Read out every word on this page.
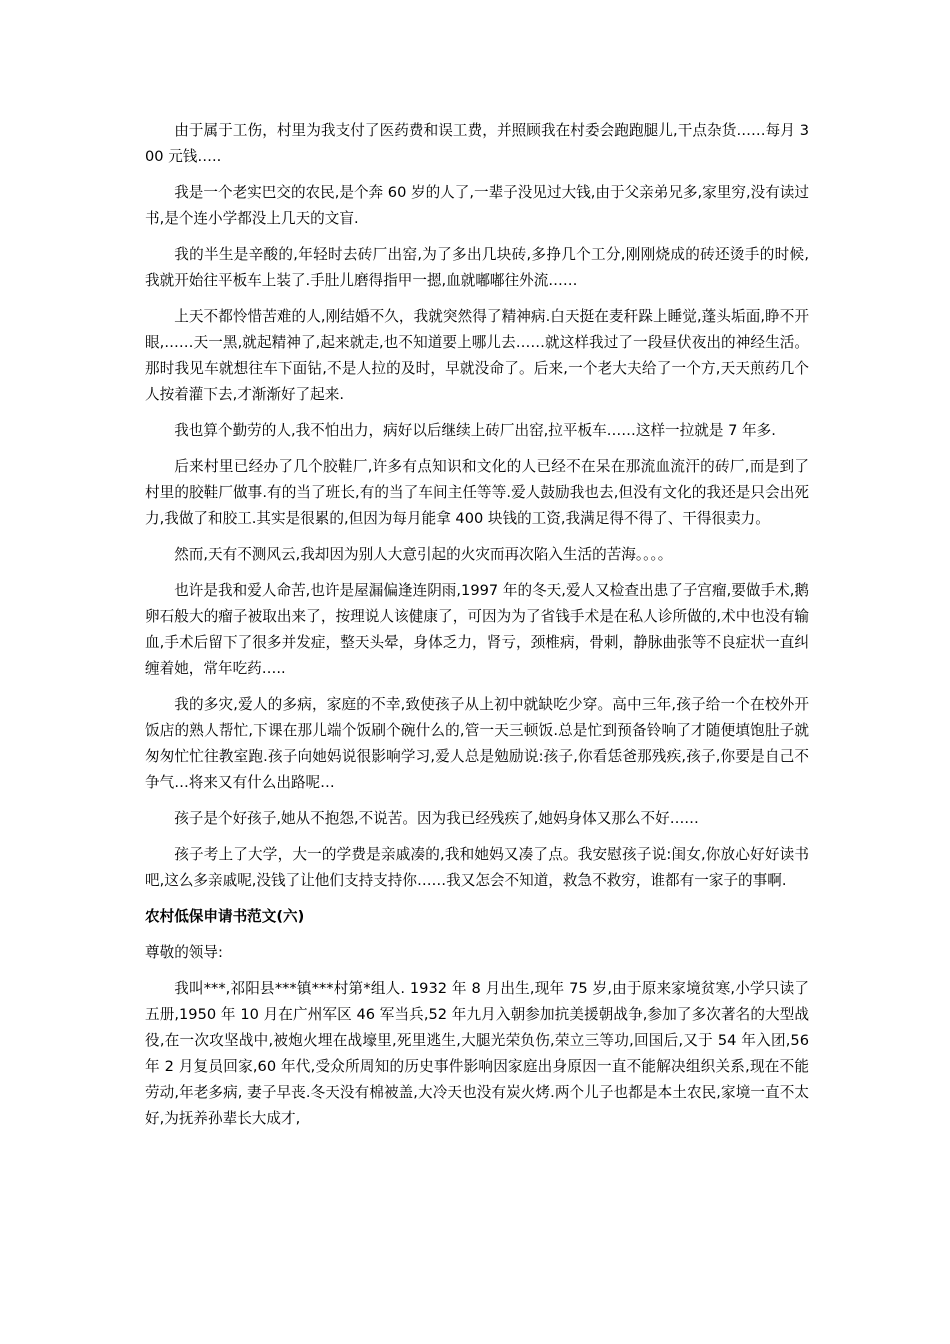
由于属于工伤，村里为我支付了医药费和误工费，并照顾我在村委会跑跑腿儿,干点杂货……每月 300 元钱…..

我是一个老实巴交的农民,是个奔 60 岁的人了,一辈子没见过大钱,由于父亲弟兄多,家里穷,没有读过书,是个连小学都没上几天的文盲.

我的半生是辛酸的,年轻时去砖厂出窑,为了多出几块砖,多挣几个工分,刚刚烧成的砖还烫手的时候,我就开始往平板车上装了.手肚儿磨得指甲一摁,血就嘟嘟往外流……

上天不都怜惜苦难的人,刚结婚不久，我就突然得了精神病.白天挺在麦秆跺上睡觉,蓬头垢面,睁不开眼,……天一黑,就起精神了,起来就走,也不知道要上哪儿去……就这样我过了一段昼伏夜出的神经生活。那时我见车就想往车下面钻,不是人拉的及时，早就没命了。后来,一个老大夫给了一个方,天天煎药几个人按着灌下去,才渐渐好了起来.

我也算个勤劳的人,我不怕出力，病好以后继续上砖厂出窑,拉平板车……这样一拉就是 7 年多.

后来村里已经办了几个胶鞋厂,许多有点知识和文化的人已经不在呆在那流血流汗的砖厂,而是到了村里的胶鞋厂做事.有的当了班长,有的当了车间主任等等.爱人鼓励我也去,但没有文化的我还是只会出死力,我做了和胶工.其实是很累的,但因为每月能拿 400 块钱的工资,我满足得不得了、干得很卖力。

然而,天有不测风云,我却因为别人大意引起的火灾而再次陷入生活的苦海。。。。

也许是我和爱人命苦,也许是屋漏偏逢连阴雨,1997 年的冬天,爱人又检查出患了子宫瘤,要做手术,鹅卵石般大的瘤子被取出来了，按理说人该健康了，可因为为了省钱手术是在私人诊所做的,术中也没有输血,手术后留下了很多并发症，整天头晕，身体乏力，肾亏，颈椎病，骨刺，静脉曲张等不良症状一直纠缠着她，常年吃药…..

我的多灾,爱人的多病，家庭的不幸,致使孩子从上初中就缺吃少穿。高中三年,孩子给一个在校外开饭店的熟人帮忙,下课在那儿端个饭刷个碗什么的,管一天三顿饭.总是忙到预备铃响了才随便填饱肚子就匆匆忙忙往教室跑.孩子向她妈说很影响学习,爱人总是勉励说:孩子,你看恁爸那残疾,孩子,你要是自己不争气…将来又有什么出路呢…

孩子是个好孩子,她从不抱怨,不说苦。因为我已经残疾了,她妈身体又那么不好……

孩子考上了大学，大一的学费是亲戚凑的,我和她妈又凑了点。我安慰孩子说:闺女,你放心好好读书吧,这么多亲戚呢,没钱了让他们支持支持你……我又怎会不知道，救急不救穷，谁都有一家子的事啊.

农村低保申请书范文(六)

尊敬的领导:

我叫***,祁阳县***镇***村第*组人. 1932 年 8 月出生,现年 75 岁,由于原来家境贫寒,小学只读了五册,1950 年 10 月在广州军区 46 军当兵,52 年九月入朝参加抗美援朝战争,参加了多次著名的大型战役,在一次攻坚战中,被炮火埋在战壕里,死里逃生,大腿光荣负伤,荣立三等功,回国后,又于 54 年入团,56 年 2 月复员回家,60 年代,受众所周知的历史事件影响因家庭出身原因一直不能解决组织关系,现在不能劳动,年老多病, 妻子早丧.冬天没有棉被盖,大冷天也没有炭火烤.两个儿子也都是本土农民,家境一直不太好,为抚养孙辈长大成才,
